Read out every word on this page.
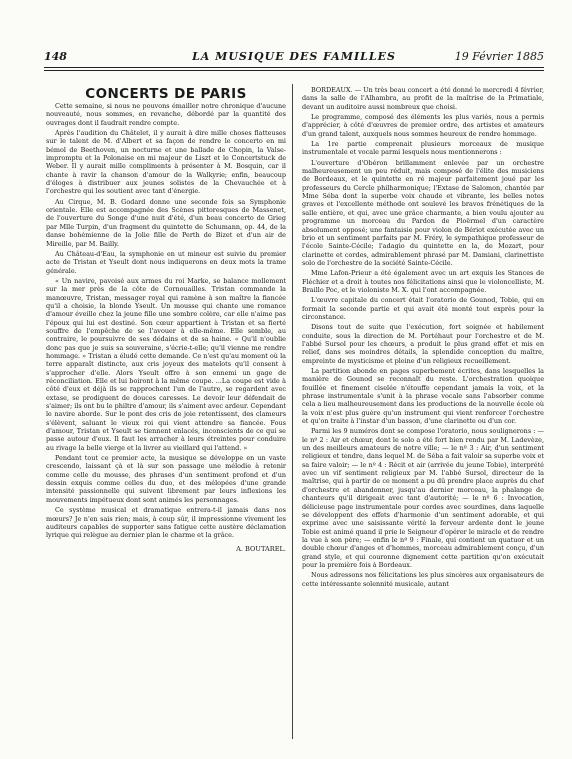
148	LA MUSIQUE DES FAMILLES	19 Février 1885

CONCERTS DE PARIS

Cette semaine, si nous ne pouvons émailler notre chronique d'aucune nouveauté, nous sommes, en revanche, débordé par la quantité des ouvrages dont il faudrait rendre compte.

Après l'audition du Châtelet, il y aurait à dire mille choses flatteuses sur le talent de M. d'Albert et sa façon de rendre le concerto en mi bémol de Beethoven, un nocturne et une ballade de Chopin, la Valse-impromptu et la Polonaise en mi majeur de Liszt et le Concertstuck de Weber. Il y aurait mille compliments à présenter à M. Bosquin, car il chante à ravir la chanson d'amour de la Walkyrie; enfin, beaucoup d'éloges à distribuer aux jeunes solistes de la Chevauchée et à l'orchestre qui les soutient avec tant d'énergie.

Au Cirque, M. B. Godard donne une seconde fois sa Symphonie orientale. Elle est accompagnée des Scènes pittoresques de Massenet, de l'ouverture du Songe d'une nuit d'été, d'un beau concerto de Grieg par Mlle Turpin, d'un fragment du quintette de Schumann, op. 44, de la danse bohémienne de la Jolie fille de Perth de Bizet et d'un air de Mireille, par M. Bailly.

Au Château-d'Eau, la symphonie en ut mineur est suivie du premier acte de Tristan et Yseult dont nous indiquerons en deux mots la trame générale.

« Un navire, pavoisé aux armes du roi Marke, se balance mollement sur la mer près de la côte de Cornouailles. Tristan commande la manœuvre, Tristan, messager royal qui ramène à son maître la fiancée qu'il a choisie, la blonde Yseult. Un mousse qui chante une romance d'amour éveille chez la jeune fille une sombre colère, car elle n'aime pas l'époux qui lui est destiné. Son cœur appartient à Tristan et sa fierté souffre de l'empêche de se l'avouer à elle-même. Elle semble, au contraire, le poursuivre de ses dédains et de sa haine. « Qu'il n'oublie donc pas que je suis sa souveraine, s'écrie-t-elle; qu'il vienne me rendre hommage. » Tristan a éludé cette demande. Ce n'est qu'au moment où la terre apparaît distincte, aux cris joyeux des matelots qu'il consent à s'approcher d'elle. Alors Yseult offre à son ennemi un gage de réconciliation. Elle et lui boiront à la même coupe. ...La coupe est vide à côté d'eux et déjà ils se rapprochent l'un de l'autre, se regardent avec extase, se prodiguent de douces caresses. Le devoir leur défendait de s'aimer; ils ont bu le philtre d'amour, ils s'aiment avec ardeur. Cependant le navire aborde. Sur le pont des cris de joie retentissent, des clameurs s'élèvent, saluant le vieux roi qui vient attendre sa fiancée. Fous d'amour, Tristan et Yseult se tiennent enlacés, inconscients de ce qui se passe autour d'eux. Il faut les arracher à leurs étreintes pour conduire au rivage la belle vierge et la livrer au vieillard qui l'attend. »

Pendant tout ce premier acte, la musique se développe en un vaste crescendo, laissant çà et là sur son passage une mélodie à retenir comme celle du mousse, des phrases d'un sentiment profond et d'un dessin exquis comme celles du duo, et des mélopées d'une grande intensité passionnelle qui suivent librement par leurs inflexions les mouvements impétueux dont sont animés les personnages.

Ce système musical et dramatique entrera-t-il jamais dans nos mœurs? Je n'en sais rien; mais, à coup sûr, il impressionne vivement les auditeurs capables de supporter sans fatigue cette austère déclamation lyrique qui relègue au dernier plan le charme et la grâce.

A. BOUTAREL.

BORDEAUX. — Un très beau concert a été donné le mercredi 4 février, dans la salle de l'Alhambra, au profit de la maîtrise de la Primatiale, devant un auditoire aussi nombreux que choisi.

Le programme, composé des éléments les plus variés, nous a permis d'apprécier, à côté d'œuvres de premier ordre, des artistes et amateurs d'un grand talent, auxquels nous sommes heureux de rendre hommage.

La 1re partie comprenait plusieurs morceaux de musique instrumentale et vocale parmi lesquels nous mentionnerons :

L'ouverture d'Obéron brillamment enlevée par un orchestre malheureusement un peu réduit, mais composé de l'élite des musiciens de Bordeaux, et le quintette en ré majeur parfaitement joué par les professeurs du Cercle philharmonique; l'Extase de Salomon, chantée par Mme Séba dont la superbe voix chaude et vibrante, les belles notes graves et l'excellente méthode ont soulevé les bravos frénétiques de la salle entière, et qui, avec une grâce charmante, a bien voulu ajouter au programme un morceau du Pardon de Ploërmel d'un caractère absolument opposé; une fantaisie pour violon de Bériot exécutée avec un brio et un sentiment parfaits par M. Fréry, le sympathique professeur de l'école Sainte-Cécile; l'adagio du quintette en la, de Mozart, pour clarinette et cordes, admirablement phrasé par M. Damiani, clarinettiste solo de l'orchestre de la société Sainte-Cécile.

Mme Lafon-Prieur a été également avec un art exquis les Stances de Fléchier et a droit à toutes nos félicitations ainsi que le violoncelliste, M. Braillo Poc, et le violoniste M. X. qui l'ont accompagnée.

L'œuvre capitale du concert était l'oratorio de Gounod, Tobie, qui en formait la seconde partie et qui avait été monté tout exprès pour la circonstance.

Disons tout de suite que l'exécution, fort soignée et habilement conduite, sous la direction de M. Portéhaut pour l'orchestre et de M. l'abbé Sursol pour les chœurs, a produit le plus grand effet et mis en relief, dans ses moindres détails, la splendide conception du maître, empreinte de mysticisme et pleine d'un religieux recueillement.

La partition abonde en pages superbement écrites, dans lesquelles la manière de Gounod se reconnaît du reste. L'orchestration quoique fouillée et finement ciselée n'étouffe cependant jamais la voix, et la phrase instrumentale s'unit à la phrase vocale sans l'absorber comme cela a lieu malheureusement dans les productions de la nouvelle école où la voix n'est plus guère qu'un instrument qui vient renforcer l'orchestre et qu'on traite à l'instar d'un basson, d'une clarinette ou d'un cor.

Parmi les 9 numéros dont se compose l'oratorio, nous soulignerons : — le nº 2 : Air et chœur, dont le solo a été fort bien rendu par M. Ladevèze, un des meilleurs amateurs de notre ville; — le nº 3 : Air, d'un sentiment religieux et tendre, dans lequel M. de Séba a fait valoir sa superbe voix et sa faire valoir; — le nº 4 : Récit et air (arrivée du jeune Tobie), interprété avec un vif sentiment religieux par M. l'abbé Sursol, directeur de la maîtrise, qui à partir de ce moment a pu dû prendre place auprès du chef d'orchestre et abandonner, jusqu'au dernier morceau, la phalange de chanteurs qu'il dirigeait avec tant d'autorité; — le nº 6 : Invocation, délicieuse page instrumentale pour cordes avec sourdines, dans laquelle se développent des effets d'harmonie d'un sentiment adorable, et qui exprime avec une saisissante vérité la ferveur ardente dont le jeune Tobie est animé quand il prie le Seigneur d'opérer le miracle et de rendre la vue à son père; — enfin le nº 9 : Finale, qui contient un quatuor et un double chœur d'anges et d'hommes, morceau admirablement conçu, d'un grand style, et qui couronne dignement cette partition qu'on exécutait pour la première fois à Bordeaux.

Nous adressons nos félicitations les plus sincères aux organisateurs de cette intéressante solennité musicale, autant
